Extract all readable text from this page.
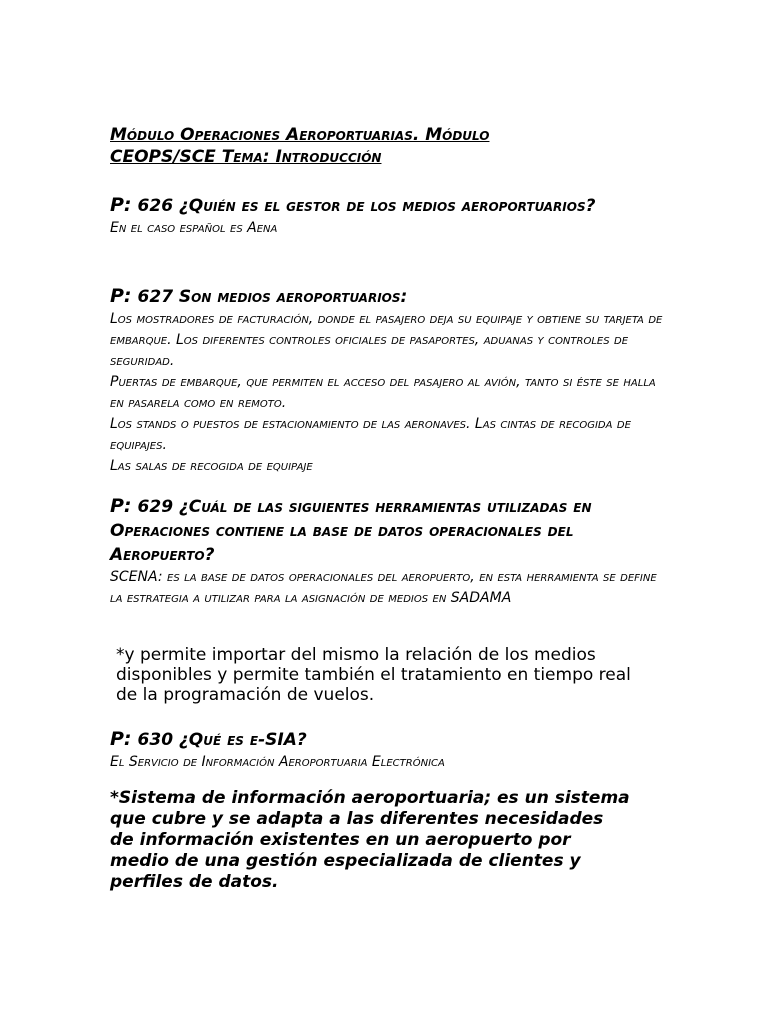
Módulo Operaciones Aeroportuarias. Módulo
CEOPS/SCE Tema: Introducción
P: 626 ¿Quién es el gestor de los medios aeroportuarios?
En el caso español es Aena
P: 627 Son medios aeroportuarios:
Los mostradores de facturación, donde el pasajero deja su equipaje y obtiene su tarjeta de embarque. Los diferentes controles oficiales de pasaportes, aduanas y controles de seguridad.
Puertas de embarque, que permiten el acceso del pasajero al avión, tanto si éste se halla en pasarela como en remoto.
Los stands o puestos de estacionamiento de las aeronaves. Las cintas de recogida de equipajes.
Las salas de recogida de equipaje
P: 629 ¿Cuál de las siguientes herramientas utilizadas en Operaciones contiene la base de datos operacionales del Aeropuerto?
SCENA: es la base de datos operacionales del aeropuerto, en esta herramienta se define la estrategia a utilizar para la asignación de medios en SADAMA
*y permite importar del mismo la relación de los medios disponibles y permite también el tratamiento en tiempo real de la programación de vuelos.
P: 630 ¿Qué es e-SIA?
El Servicio de Información Aeroportuaria Electrónica
*Sistema de información aeroportuaria; es un sistema que cubre y se adapta a las diferentes necesidades de información existentes en un aeropuerto por medio de una gestión especializada de clientes y perfiles de datos.
